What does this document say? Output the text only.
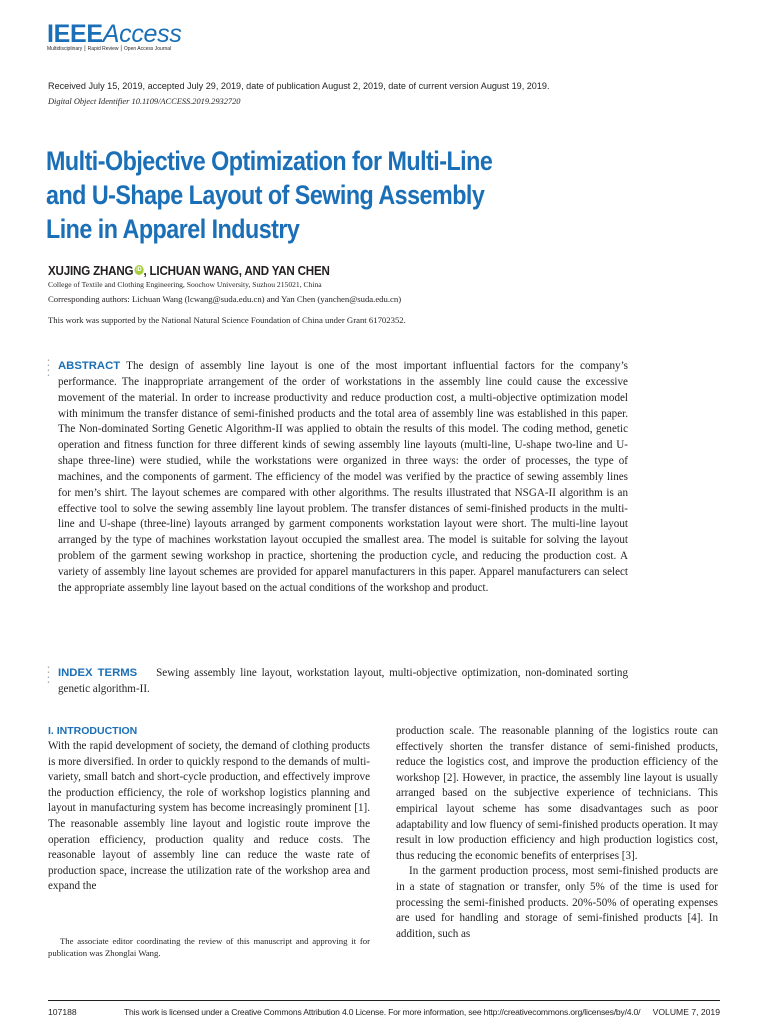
IEEEAccess
Multidisciplinary ⎮ Rapid Review ⎮ Open Access Journal
Received July 15, 2019, accepted July 29, 2019, date of publication August 2, 2019, date of current version August 19, 2019.
Digital Object Identifier 10.1109/ACCESS.2019.2932720
Multi-Objective Optimization for Multi-Line
and U-Shape Layout of Sewing Assembly
Line in Apparel Industry
XUJING ZHANG iD , LICHUAN WANG, AND YAN CHEN
College of Textile and Clothing Engineering, Soochow University, Suzhou 215021, China
Corresponding authors: Lichuan Wang (lcwang@suda.edu.cn) and Yan Chen (yanchen@suda.edu.cn)
This work was supported by the National Natural Science Foundation of China under Grant 61702352.
•
•
•
•
ABSTRACT The design of assembly line layout is one of the most important influential factors for the company’s performance. The inappropriate arrangement of the order of workstations in the assembly line could cause the excessive movement of the material. In order to increase productivity and reduce production cost, a multi-objective optimization model with minimum the transfer distance of semi-finished products and the total area of assembly line was established in this paper. The Non-dominated Sorting Genetic Algorithm-II was applied to obtain the results of this model. The coding method, genetic operation and fitness function for three different kinds of sewing assembly line layouts (multi-line, U-shape two-line and U-shape three-line) were studied, while the workstations were organized in three ways: the order of processes, the type of machines, and the components of garment. The efficiency of the model was verified by the practice of sewing assembly lines for men’s shirt. The layout schemes are compared with other algorithms. The results illustrated that NSGA-II algorithm is an effective tool to solve the sewing assembly line layout problem. The transfer distances of semi-finished products in the multi-line and U-shape (three-line) layouts arranged by garment components workstation layout were short. The multi-line layout arranged by the type of machines workstation layout occupied the smallest area. The model is suitable for solving the layout problem of the garment sewing workshop in practice, shortening the production cycle, and reducing the production cost. A variety of assembly line layout schemes are provided for apparel manufacturers in this paper. Apparel manufacturers can select the appropriate assembly line layout based on the actual conditions of the workshop and product.
•
•
•
•
INDEX TERMS Sewing assembly line layout, workstation layout, multi-objective optimization, non-dominated sorting genetic algorithm-II.
I. INTRODUCTION

With the rapid development of society, the demand of clothing products is more diversified. In order to quickly respond to the demands of multi-variety, small batch and short-cycle production, and effectively improve the production efficiency, the role of workshop logistics planning and layout in manufacturing system has become increasingly prominent [1]. The reasonable assembly line layout and logistic route improve the operation efficiency, production quality and reduce costs. The reasonable layout of assembly line can reduce the waste rate of production space, increase the utilization rate of the workshop area and expand the

production scale. The reasonable planning of the logistics route can effectively shorten the transfer distance of semi-finished products, reduce the logistics cost, and improve the production efficiency of the workshop [2]. However, in practice, the assembly line layout is usually arranged based on the subjective experience of technicians. This empirical layout scheme has some disadvantages such as poor adaptability and low fluency of semi-finished products operation. It may result in low production efficiency and high production logistics cost, thus reducing the economic benefits of enterprises [3].

In the garment production process, most semi-finished products are in a state of stagnation or transfer, only 5% of the time is used for processing the semi-finished products. 20%-50% of operating expenses are used for handling and storage of semi-finished products [4]. In addition, such as

The associate editor coordinating the review of this manuscript and approving it for publication was Zhonglai Wang.
107188	This work is licensed under a Creative Commons Attribution 4.0 License. For more information, see http://creativecommons.org/licenses/by/4.0/ VOLUME 7, 2019
